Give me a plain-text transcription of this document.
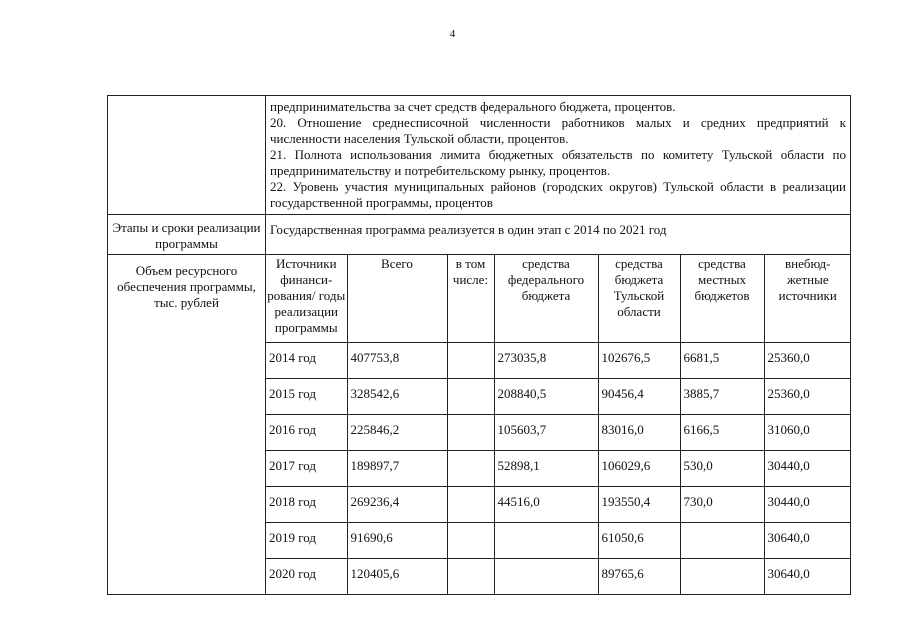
4

предпринимательства за счет средств федерального бюджета, процентов.

20. Отношение среднесписочной численности работников малых и средних предприятий к численности населения Тульской области, процентов.

21. Полнота использования лимита бюджетных обязательств по комитету Тульской области по предпринимательству и потребительскому рынку, процентов.

22. Уровень участия муниципальных районов (городских округов) Тульской области в реализации государственной программы, процентов

Этапы и сроки реализации программы	Государственная программа реализуется в один этап с 2014 по 2021 год
Объем ресурсного обеспечения программы, тыс. рублей	
Источники финанси-рования/ годы реализации программы	Всего	в том числе:	средства федерального бюджета	средства бюджета Тульской области	средства местных бюджетов	внебюд-жетные источники
2014 год	407753,8		273035,8	102676,5	6681,5	25360,0
2015 год	328542,6		208840,5	90456,4	3885,7	25360,0
2016 год	225846,2		105603,7	83016,0	6166,5	31060,0
2017 год	189897,7		52898,1	106029,6	530,0	30440,0
2018 год	269236,4		44516,0	193550,4	730,0	30440,0
2019 год	91690,6			61050,6		30640,0
2020 год	120405,6			89765,6		30640,0
